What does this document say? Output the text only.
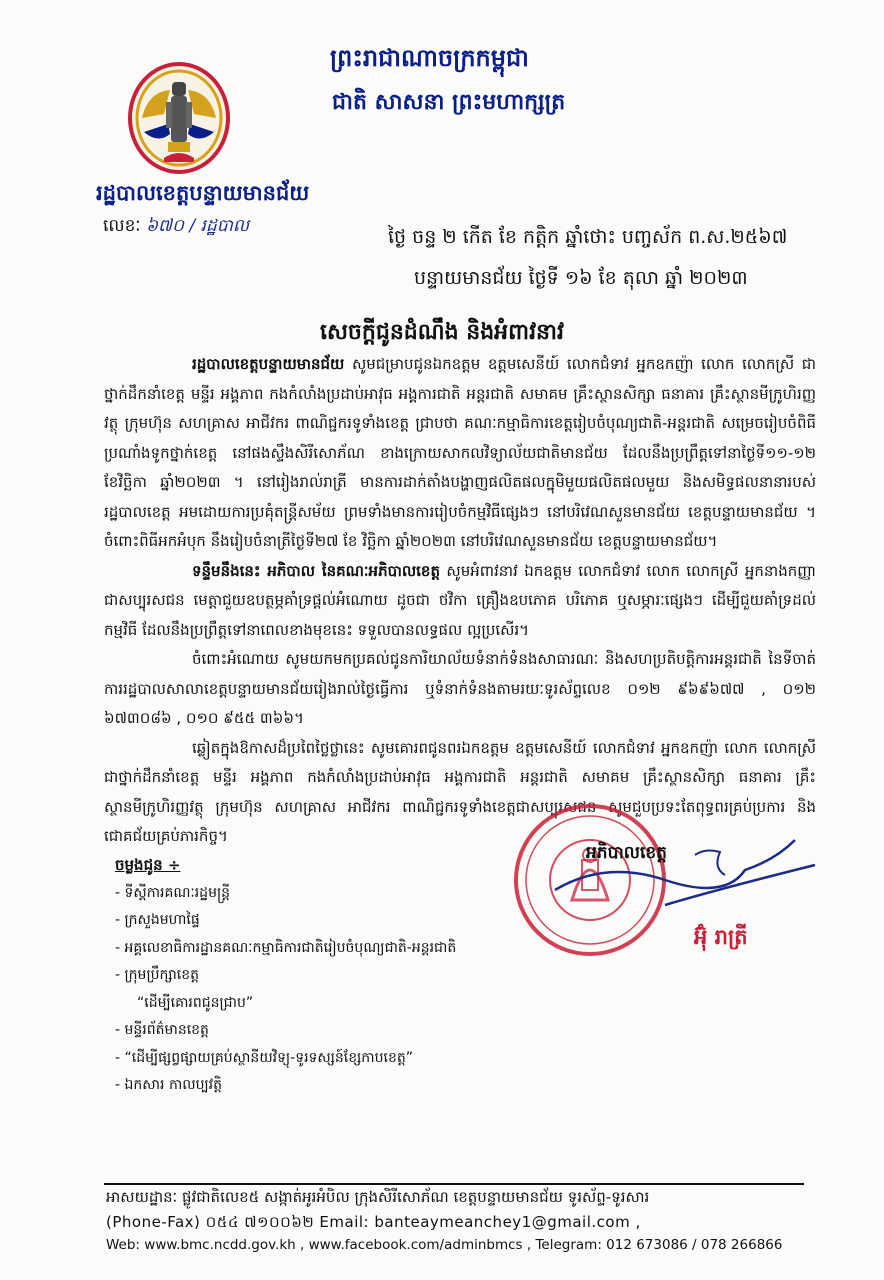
ព្រះរាជាណាចក្រកម្ពុជា
ជាតិ សាសនា ព្រះមហាក្សត្រ
រដ្ឋបាលខេត្តបន្ទាយមានជ័យ
លេខៈ ៦៧០ / រដ្ឋបាល	ថ្ងៃ ចន្ទ ២ កើត ខែ កត្តិក ឆ្នាំថោះ បញ្ចស័ក ព.ស.២៥៦៧
បន្ទាយមានជ័យ ថ្ងៃទី ១៦ ខែ តុលា ឆ្នាំ ២០២៣
សេចក្តីជូនដំណឹង និងអំពាវនាវ

រដ្ឋបាលខេត្តបន្ទាយមានជ័យ សូមជម្រាបជូនឯកឧត្តម ឧត្តមសេនីយ៍ លោកជំទាវ អ្នកឧកញ៉ា លោក លោកស្រី ជាថ្នាក់ដឹកនាំខេត្ត មន្ទីរ អង្គភាព កងកំលាំងប្រដាប់អាវុធ អង្គការជាតិ អន្តរជាតិ សមាគម គ្រឹះស្ថានសិក្សា ធនាគារ គ្រឹះស្ថានមីក្រូហិរញ្ញវត្ថុ ក្រុមហ៊ុន សហគ្រាស អាជីវករ ពាណិជ្ជករទូទាំងខេត្ត ជ្រាបថា គណៈកម្មាធិការខេត្តរៀបចំបុណ្យជាតិ-អន្តរជាតិ សម្រេចរៀបចំពិធីប្រណាំងទូកថ្នាក់ខេត្ត នៅផងស្ទឹងសិរីសោភ័ណ ខាងក្រោយសាកលវិទ្យាល័យជាតិមានជ័យ ដែលនឹងប្រព្រឹត្តទៅនាថ្ងៃទី១១-១២ ខែវិច្ឆិកា ឆ្នាំ២០២៣ ។ នៅរៀងរាល់រាត្រី មានការដាក់តាំងបង្ហាញផលិតផលក្នុមិមួយផលិតផលមួយ និងសមិទ្ធផលនានារបស់រដ្ឋបាលខេត្ត អមដោយការប្រគុំតន្ត្រីសម័យ ព្រមទាំងមានការរៀបចំកម្មវិធីផ្សេងៗ នៅបរិវេណសួនមានជ័យ ខេត្តបន្ទាយមានជ័យ ។ ចំពោះពិធីអកអំបុក នឹងរៀបចំនាត្រីថ្ងៃទី២៧ ខែ វិច្ឆិកា ឆ្នាំ២០២៣ នៅបរិវេណសួនមានជ័យ ខេត្តបន្ទាយមានជ័យ។

ទន្ទឹមនឹងនេះ អភិបាល នៃគណៈអភិបាលខេត្ត សូមអំពាវនាវ ឯកឧត្តម លោកជំទាវ លោក លោកស្រី អ្នកនាងកញ្ញា ជាសប្បុរសជន មេត្តាជួយឧបត្ថម្ភគាំទ្រផ្តល់អំណោយ ដូចជា ថវិកា គ្រឿងឧបភោគ បរិភោគ ឬសម្ភារៈផ្សេងៗ ដើម្បីជួយគាំទ្រដល់កម្មវិធី ដែលនឹងប្រព្រឹត្តទៅនាពេលខាងមុខនេះ ទទួលបានលទ្ធផល ល្អប្រសើរ។

ចំពោះអំណោយ សូមយកមកប្រគល់ជូនការិយាល័យទំនាក់ទំនងសាធារណៈ និងសហប្រតិបត្តិការអន្តរជាតិ នៃទីចាត់ការរដ្ឋបាលសាលាខេត្តបន្ទាយមានជ័យរៀងរាល់ថ្ងៃធ្វើការ ឬទំនាក់ទំនងតាមរយៈទូរស័ព្ទលេខ ០១២ ៩៦៩៦៧៧ , ០១២ ៦៧៣០៨៦ , ០១០ ៩៥៥ ៣៦៦។

ឆ្លៀតក្នុងឱកាសដ៏ប្រពៃថ្លៃថ្លានេះ សូមគោរពជូនពរឯកឧត្តម ឧត្តមសេនីយ៍ លោកជំទាវ អ្នកឧកញ៉ា លោក លោកស្រី ជាថ្នាក់ដឹកនាំខេត្ត មន្ទីរ អង្គភាព កងកំលាំងប្រដាប់អាវុធ អង្គការជាតិ អន្តរជាតិ សមាគម គ្រឹះស្ថានសិក្សា ធនាគារ គ្រឹះស្ថានមីក្រូហិរញ្ញវត្ថុ ក្រុមហ៊ុន សហគ្រាស អាជីវករ ពាណិជ្ជករទូទាំងខេត្តជាសប្បុរសជន សូមជួបប្រទះតែពុទ្ធពរគ្រប់ប្រការ និងជោគជ័យគ្រប់ភារកិច្ច។

អភិបាលខេត្ត
អ៊ុំ រាត្រី
ចម្លងជូន ÷
- ទីស្តីការគណៈរដ្ឋមន្ត្រី
- ក្រសួងមហាផ្ទៃ
- អគ្គលេខាធិការដ្ឋានគណៈកម្មាធិការជាតិរៀបចំបុណ្យជាតិ-អន្តរជាតិ
- ក្រុមប្រឹក្សាខេត្ត
“ដើម្បីគោរពជូនជ្រាប”
- មន្ទីរព័ត៌មានខេត្ត
- “ដើម្បីផ្សព្វផ្សាយគ្រប់ស្ថានីយវិទ្យុ-ទូរទស្សន៍ខ្សែកាបខេត្ត”
- ឯកសារ កាលប្បវត្តិ
អាសយដ្ឋានៈ ផ្លូវជាតិលេខ៥ សង្កាត់អូរអំបិល ក្រុងសិរីសោភ័ណ ខេត្តបន្ទាយមានជ័យ ទូរស័ព្ទ-ទូរសារ
(Phone-Fax) ០៥៤ ៧១០០៦២ Email: banteaymeanchey1@gmail.com ,
Web: www.bmc.ncdd.gov.kh , www.facebook.com/adminbmcs , Telegram: 012 673086 / 078 266866
